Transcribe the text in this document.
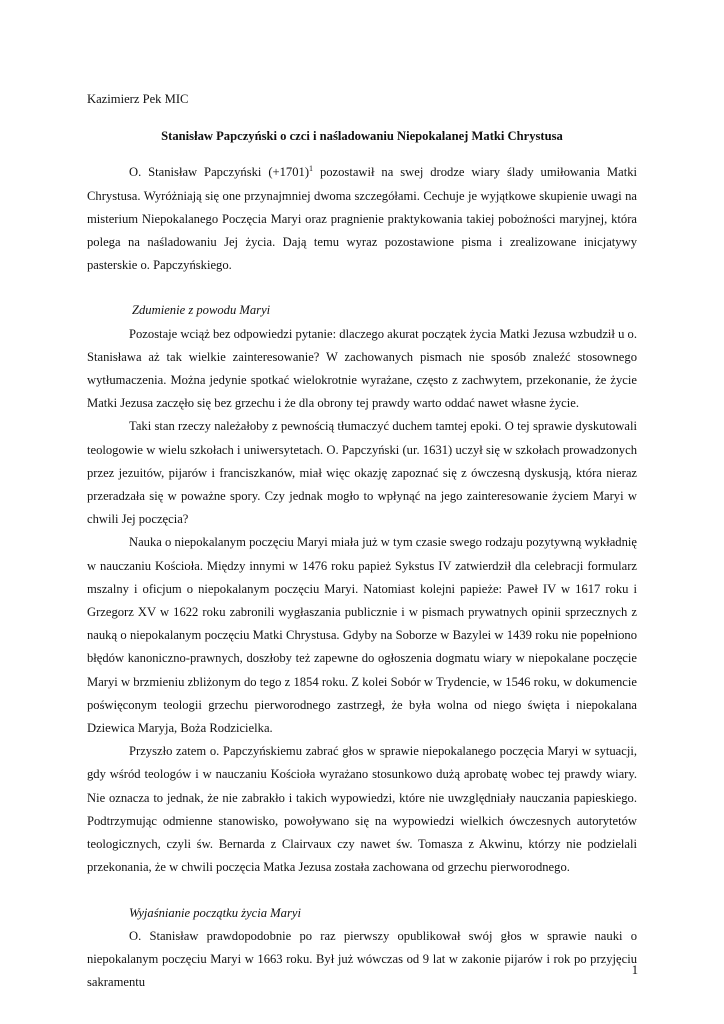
Kazimierz Pek MIC
Stanisław Papczyński o czci i naśladowaniu Niepokalanej Matki Chrystusa

O. Stanisław Papczyński $(+1701)^1$ pozostawił na swej drodze wiary ślady umiłowania Matki Chrystusa. Wyróżniają się one przynajmniej dwoma szczegółami. Cechuje je wyjątkowe skupienie uwagi na misterium Niepokalanego Poczęcia Maryi oraz pragnienie praktykowania takiej pobożności maryjnej, która polega na naśladowaniu Jej życia. Dają temu wyraz pozostawione pisma i zrealizowane inicjatywy pasterskie o. Papczyńskiego.

Zdumienie z powodu Maryi

Pozostaje wciąż bez odpowiedzi pytanie: dlaczego akurat początek życia Matki Jezusa wzbudził u o. Stanisława aż tak wielkie zainteresowanie? W zachowanych pismach nie sposób znaleźć stosownego wytłumaczenia. Można jedynie spotkać wielokrotnie wyrażane, często z zachwytem, przekonanie, że życie Matki Jezusa zaczęło się bez grzechu i że dla obrony tej prawdy warto oddać nawet własne życie.

Taki stan rzeczy należałoby z pewnością tłumaczyć duchem tamtej epoki. O tej sprawie dyskutowali teologowie w wielu szkołach i uniwersytetach. O. Papczyński (ur. 1631) uczył się w szkołach prowadzonych przez jezuitów, pijarów i franciszkanów, miał więc okazję zapoznać się z ówczesną dyskusją, która nieraz przeradzała się w poważne spory. Czy jednak mogło to wpłynąć na jego zainteresowanie życiem Maryi w chwili Jej poczęcia?

Nauka o niepokalanym poczęciu Maryi miała już w tym czasie swego rodzaju pozytywną wykładnię w nauczaniu Kościoła. Między innymi w 1476 roku papież Sykstus IV zatwierdził dla celebracji formularz mszalny i oficjum o niepokalanym poczęciu Maryi. Natomiast kolejni papieże: Paweł IV w 1617 roku i Grzegorz XV w 1622 roku zabronili wygłaszania publicznie i w pismach prywatnych opinii sprzecznych z nauką o niepokalanym poczęciu Matki Chrystusa. Gdyby na Soborze w Bazylei w 1439 roku nie popełniono błędów kanoniczno-prawnych, doszłoby też zapewne do ogłoszenia dogmatu wiary w niepokalane poczęcie Maryi w brzmieniu zbliżonym do tego z 1854 roku. Z kolei Sobór w Trydencie, w 1546 roku, w dokumencie poświęconym teologii grzechu pierworodnego zastrzegł, że była wolna od niego święta i niepokalana Dziewica Maryja, Boża Rodzicielka.

Przyszło zatem o. Papczyńskiemu zabrać głos w sprawie niepokalanego poczęcia Maryi w sytuacji, gdy wśród teologów i w nauczaniu Kościoła wyrażano stosunkowo dużą aprobatę wobec tej prawdy wiary. Nie oznacza to jednak, że nie zabrakło i takich wypowiedzi, które nie uwzględniały nauczania papieskiego. Podtrzymując odmienne stanowisko, powoływano się na wypowiedzi wielkich ówczesnych autorytetów teologicznych, czyli św. Bernarda z Clairvaux czy nawet św. Tomasza z Akwinu, którzy nie podzielali przekonania, że w chwili poczęcia Matka Jezusa została zachowana od grzechu pierworodnego.

Wyjaśnianie początku życia Maryi

O. Stanisław prawdopodobnie po raz pierwszy opublikował swój głos w sprawie nauki o niepokalanym poczęciu Maryi w 1663 roku. Był już wówczas od 9 lat w zakonie pijarów i rok po przyjęciu sakramentu

1
